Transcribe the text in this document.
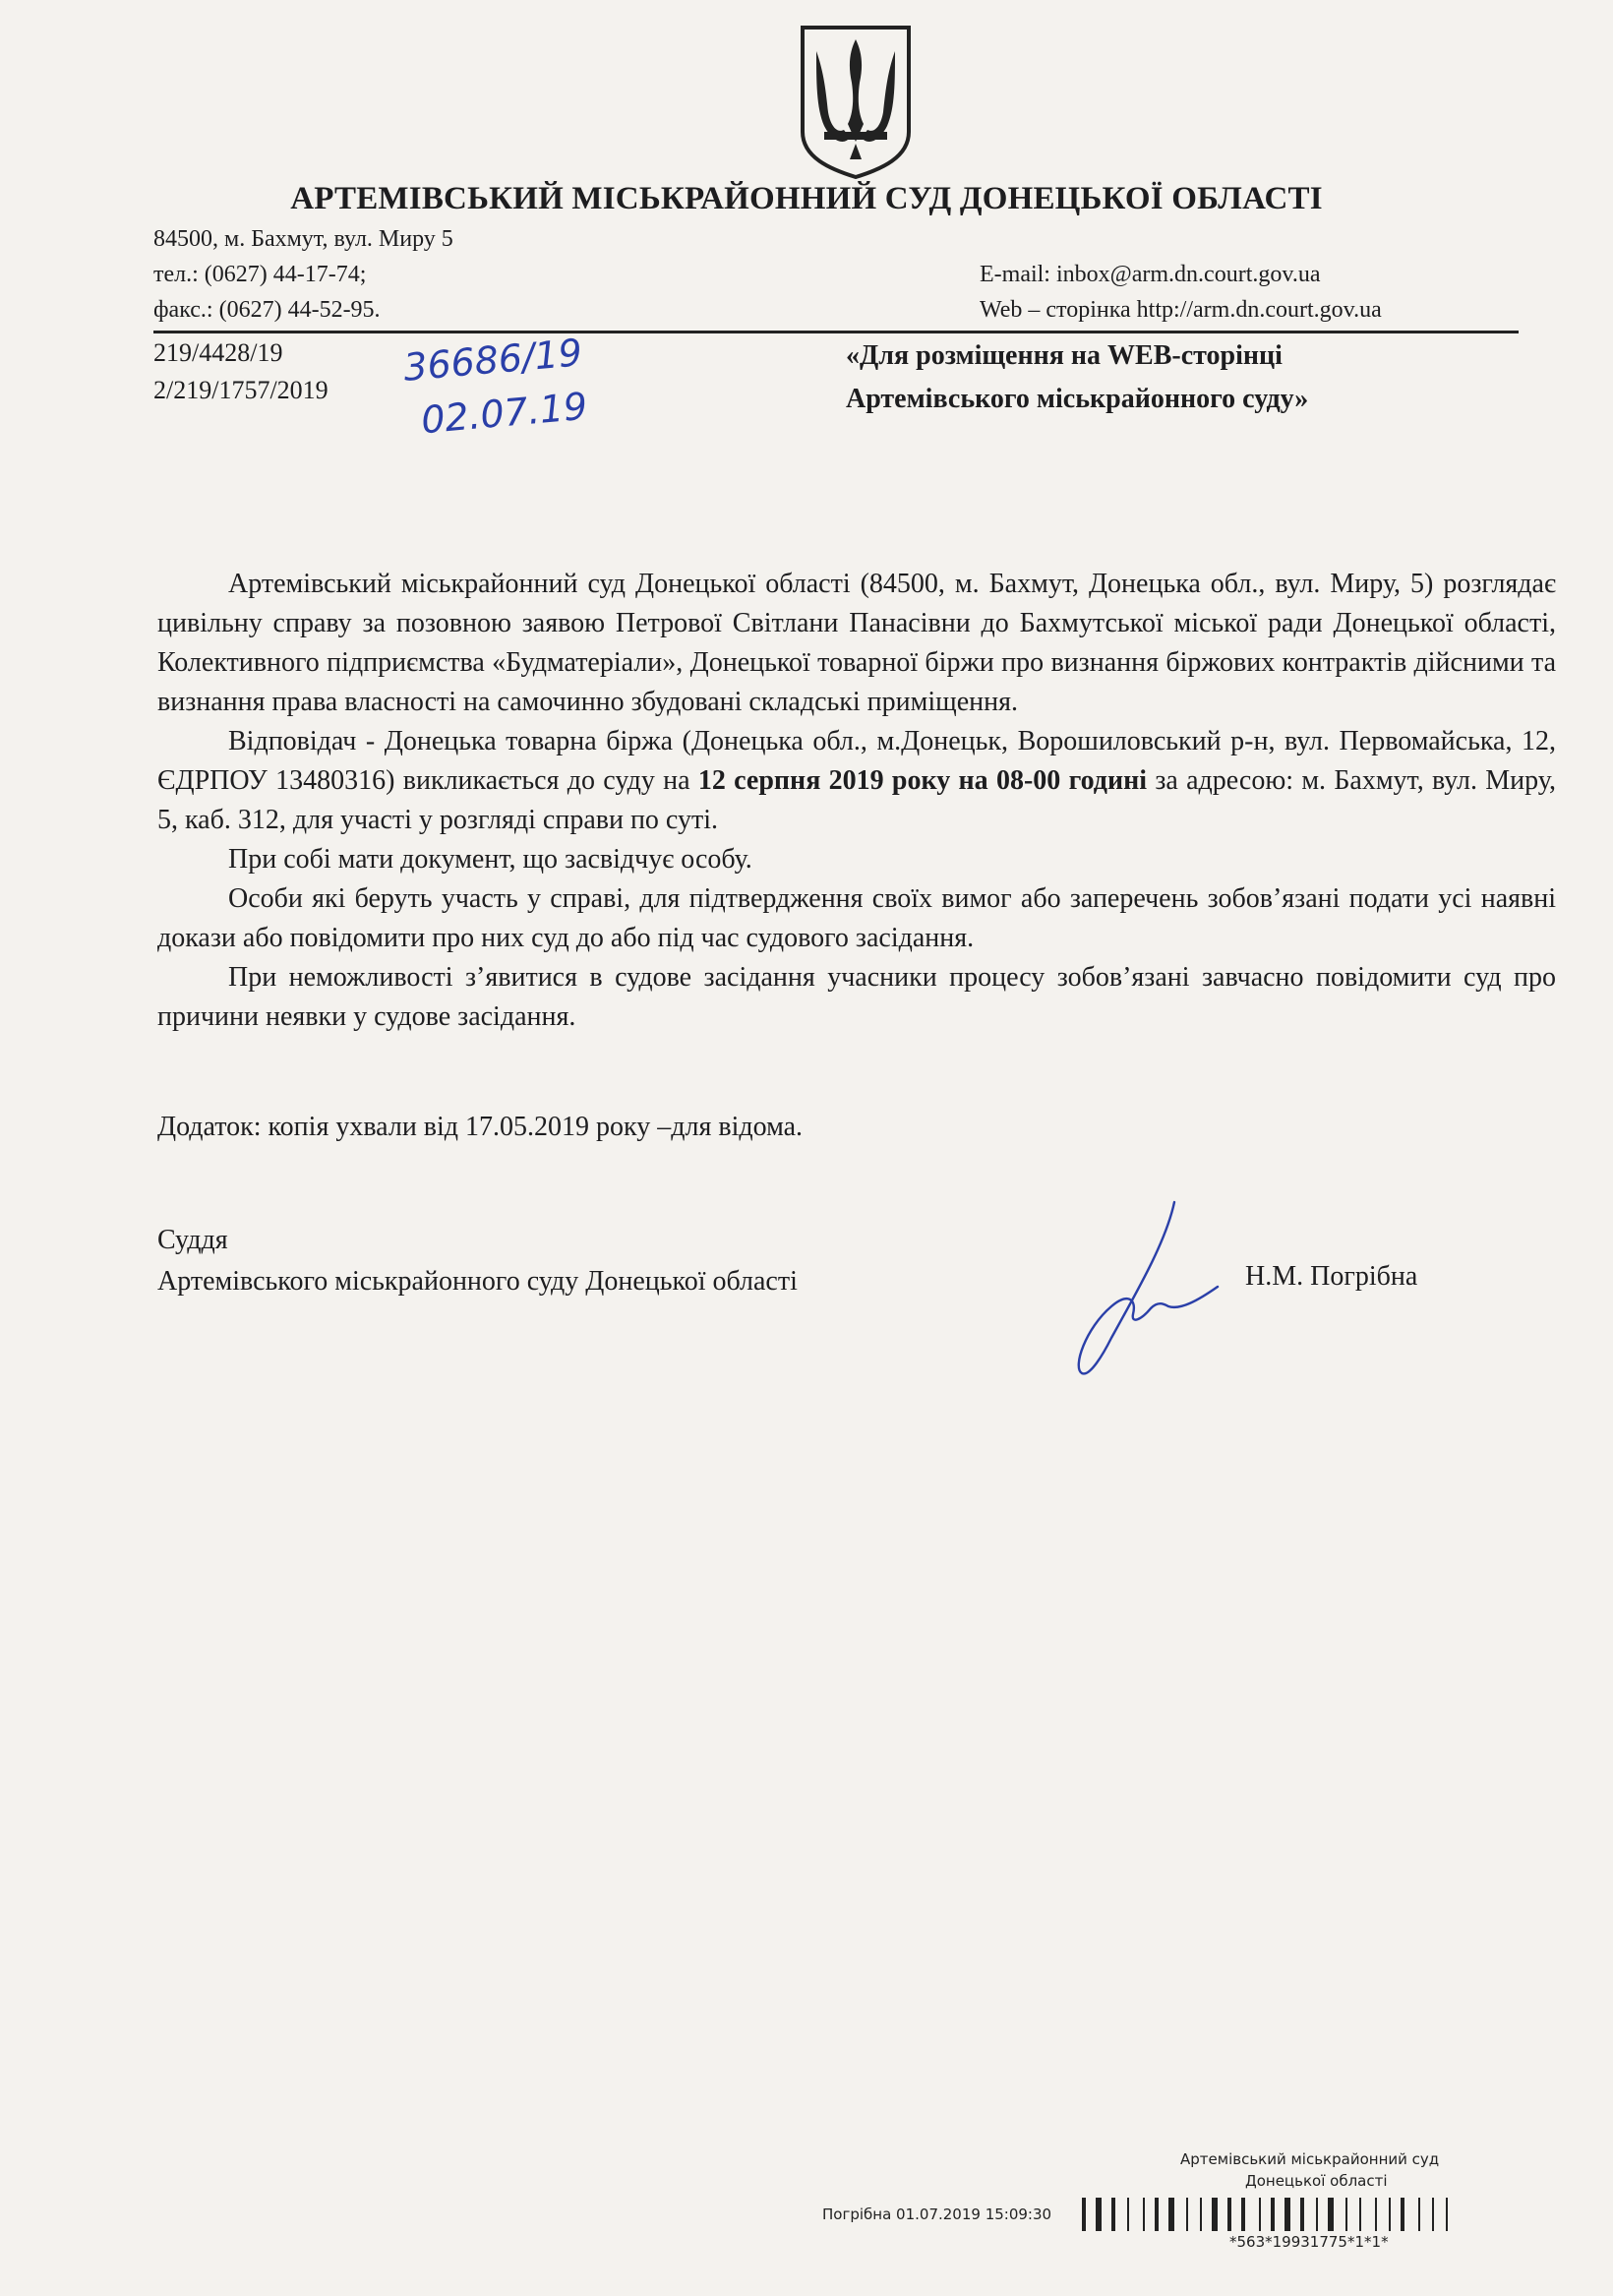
АРТЕМІВСЬКИЙ МІСЬКРАЙОННИЙ СУД ДОНЕЦЬКОЇ ОБЛАСТІ
84500, м. Бахмут, вул. Миру 5
тел.: (0627) 44-17-74;
факс.: (0627) 44-52-95.
E-mail: inbox@arm.dn.court.gov.ua
Web – сторінка http://arm.dn.court.gov.ua
219/4428/19
2/219/1757/2019
36686/19
02.07.19
«Для розміщення на WEB-сторінці
Артемівського міськрайонного суду»

Артемівський міськрайонний суд Донецької області (84500, м. Бахмут, Донецька обл., вул. Миру, 5) розглядає цивільну справу за позовною заявою Петрової Світлани Панасівни до Бахмутської міської ради Донецької області, Колективного підприємства «Будматеріали», Донецької товарної біржи про визнання біржових контрактів дійсними та визнання права власності на самочинно збудовані складські приміщення.

Відповідач - Донецька товарна біржа (Донецька обл., м.Донецьк, Ворошиловський р-н, вул. Первомайська, 12, ЄДРПОУ 13480316) викликається до суду на 12 серпня 2019 року на 08-00 годині за адресою: м. Бахмут, вул. Миру, 5, каб. 312, для участі у розгляді справи по суті.

При собі мати документ, що засвідчує особу.

Особи які беруть участь у справі, для підтвердження своїх вимог або заперечень зобов’язані подати усі наявні докази або повідомити про них суд до або під час судового засідання.

При неможливості з’явитися в судове засідання учасники процесу зобов’язані завчасно повідомити суд про причини неявки у судове засідання.

Додаток: копія ухвали від 17.05.2019 року –для відома.
Суддя
Артемівського міськрайонного суду Донецької області	Н.М. Погрібна
Артемівський міськрайонний суд
Донецької області
Погрібна 01.07.2019 15:09:30
*563*19931775*1*1*
